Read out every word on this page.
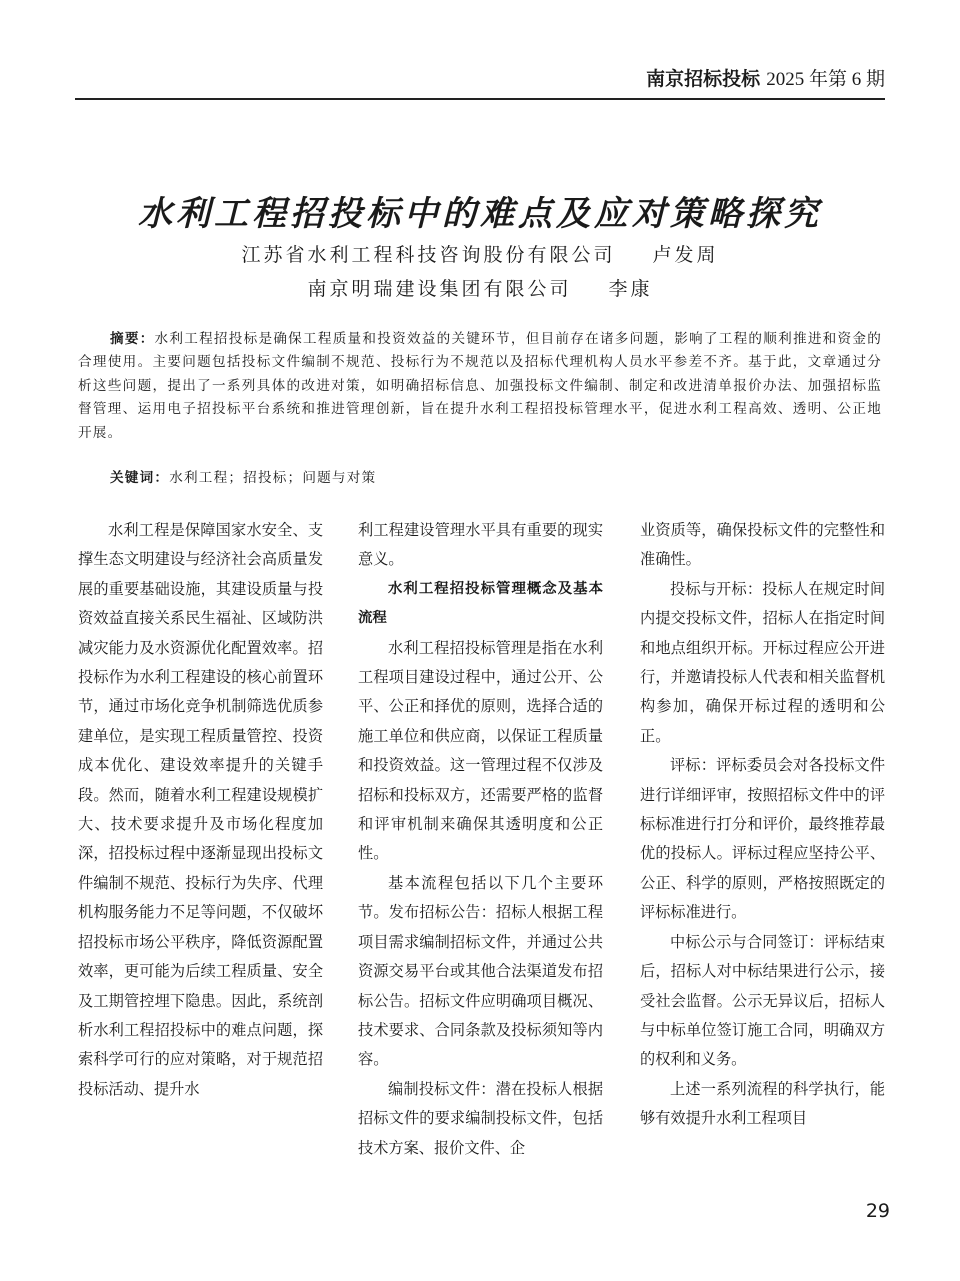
南京招标投标 2025 年第 6 期
水利工程招投标中的难点及应对策略探究
江苏省水利工程科技咨询股份有限公司 卢发周
南京明瑞建设集团有限公司 李康
摘要：水利工程招投标是确保工程质量和投资效益的关键环节，但目前存在诸多问题，影响了工程的顺利推进和资金的合理使用。主要问题包括投标文件编制不规范、投标行为不规范以及招标代理机构人员水平参差不齐。基于此，文章通过分析这些问题，提出了一系列具体的改进对策，如明确招标信息、加强投标文件编制、制定和改进清单报价办法、加强招标监督管理、运用电子招投标平台系统和推进管理创新，旨在提升水利工程招投标管理水平，促进水利工程高效、透明、公正地开展。
关键词：水利工程；招投标；问题与对策

水利工程是保障国家水安全、支撑生态文明建设与经济社会高质量发展的重要基础设施，其建设质量与投资效益直接关系民生福祉、区域防洪减灾能力及水资源优化配置效率。招投标作为水利工程建设的核心前置环节，通过市场化竞争机制筛选优质参建单位，是实现工程质量管控、投资成本优化、建设效率提升的关键手段。然而，随着水利工程建设规模扩大、技术要求提升及市场化程度加深，招投标过程中逐渐显现出投标文件编制不规范、投标行为失序、代理机构服务能力不足等问题，不仅破坏招投标市场公平秩序，降低资源配置效率，更可能为后续工程质量、安全及工期管控埋下隐患。因此，系统剖析水利工程招投标中的难点问题，探索科学可行的应对策略，对于规范招投标活动、提升水

利工程建设管理水平具有重要的现实意义。

水利工程招投标管理概念及基本流程

水利工程招投标管理是指在水利工程项目建设过程中，通过公开、公平、公正和择优的原则，选择合适的施工单位和供应商，以保证工程质量和投资效益。这一管理过程不仅涉及招标和投标双方，还需要严格的监督和评审机制来确保其透明度和公正性。

基本流程包括以下几个主要环节。发布招标公告：招标人根据工程项目需求编制招标文件，并通过公共资源交易平台或其他合法渠道发布招标公告。招标文件应明确项目概况、技术要求、合同条款及投标须知等内容。

编制投标文件：潜在投标人根据招标文件的要求编制投标文件，包括技术方案、报价文件、企

业资质等，确保投标文件的完整性和准确性。

投标与开标：投标人在规定时间内提交投标文件，招标人在指定时间和地点组织开标。开标过程应公开进行，并邀请投标人代表和相关监督机构参加，确保开标过程的透明和公正。

评标：评标委员会对各投标文件进行详细评审，按照招标文件中的评标标准进行打分和评价，最终推荐最优的投标人。评标过程应坚持公平、公正、科学的原则，严格按照既定的评标标准进行。

中标公示与合同签订：评标结束后，招标人对中标结果进行公示，接受社会监督。公示无异议后，招标人与中标单位签订施工合同，明确双方的权利和义务。

上述一系列流程的科学执行，能够有效提升水利工程项目

29
